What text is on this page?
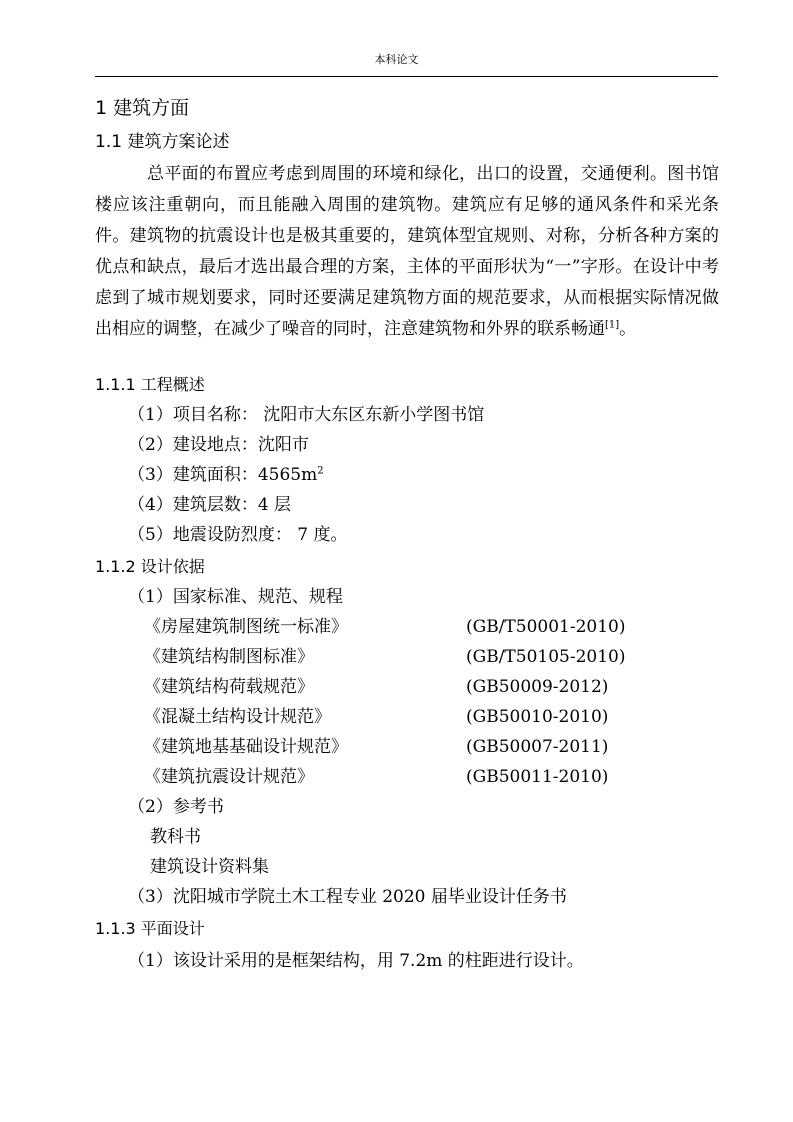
本科论文
1 建筑方面
1.1 建筑方案论述
总平面的布置应考虑到周围的环境和绿化，出口的设置，交通便利。图书馆楼应该注重朝向，而且能融入周围的建筑物。建筑应有足够的通风条件和采光条件。建筑物的抗震设计也是极其重要的，建筑体型宜规则、对称，分析各种方案的优点和缺点，最后才选出最合理的方案，主体的平面形状为“一”字形。在设计中考虑到了城市规划要求，同时还要满足建筑物方面的规范要求，从而根据实际情况做出相应的调整，在减少了噪音的同时，注意建筑物和外界的联系畅通[1]。
1.1.1 工程概述
（1）项目名称： 沈阳市大东区东新小学图书馆
（2）建设地点：沈阳市
（3）建筑面积：$4565m^2$
（4）建筑层数：4 层
（5）地震设防烈度： 7 度。
1.1.2 设计依据
（1）国家标准、规范、规程
《房屋建筑制图统一标准》	(GB/T50001-2010)
《建筑结构制图标准》	(GB/T50105-2010)
《建筑结构荷载规范》	(GB50009-2012)
《混凝土结构设计规范》	(GB50010-2010)
《建筑地基基础设计规范》	(GB50007-2011)
《建筑抗震设计规范》	(GB50011-2010)
（2）参考书
教科书
建筑设计资料集
（3）沈阳城市学院土木工程专业 2020 届毕业设计任务书
1.1.3 平面设计
（1）该设计采用的是框架结构，用 7.2m 的柱距进行设计。
